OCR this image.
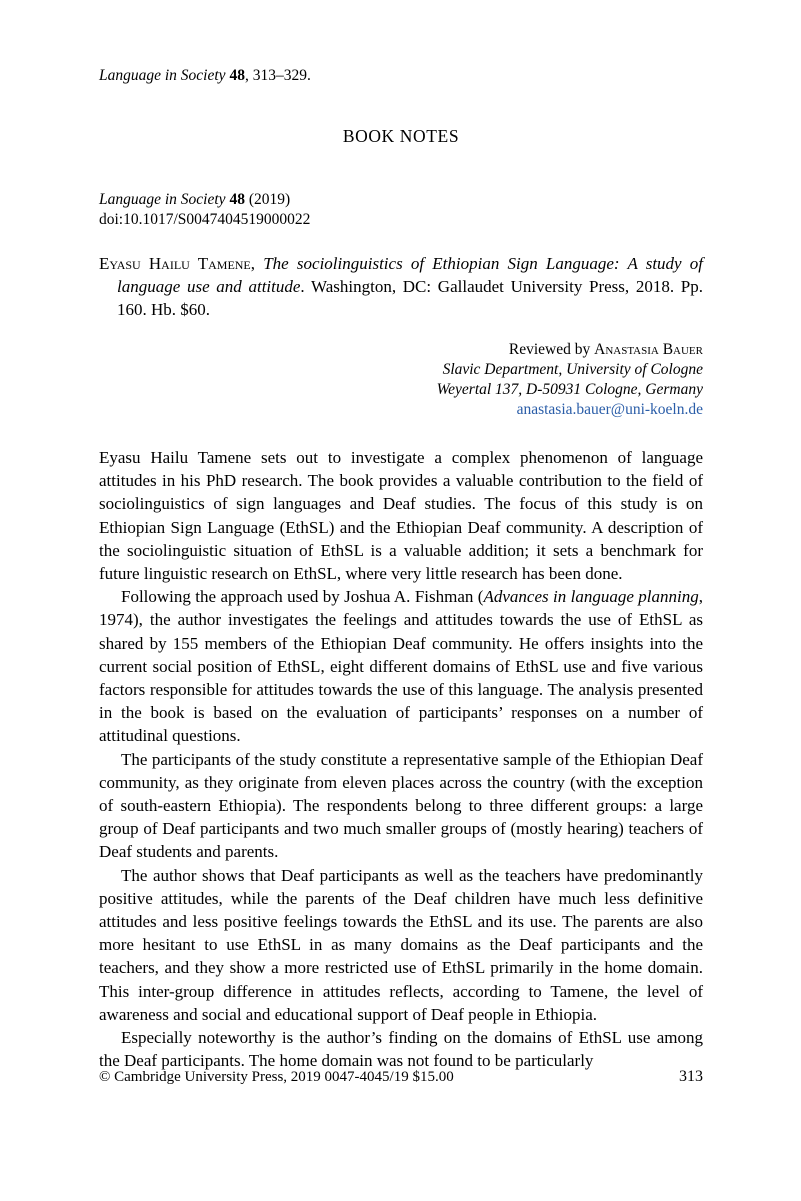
Language in Society 48, 313–329.
BOOK NOTES
Language in Society 48 (2019)
doi:10.1017/S0047404519000022
Eyasu Hailu Tamene, The sociolinguistics of Ethiopian Sign Language: A study of language use and attitude. Washington, DC: Gallaudet University Press, 2018. Pp. 160. Hb. $60.
Reviewed by Anastasia Bauer
Slavic Department, University of Cologne
Weyertal 137, D-50931 Cologne, Germany
anastasia.bauer@uni-koeln.de

Eyasu Hailu Tamene sets out to investigate a complex phenomenon of language attitudes in his PhD research. The book provides a valuable contribution to the field of sociolinguistics of sign languages and Deaf studies. The focus of this study is on Ethiopian Sign Language (EthSL) and the Ethiopian Deaf community. A description of the sociolinguistic situation of EthSL is a valuable addition; it sets a benchmark for future linguistic research on EthSL, where very little research has been done.

Following the approach used by Joshua A. Fishman (Advances in language planning, 1974), the author investigates the feelings and attitudes towards the use of EthSL as shared by 155 members of the Ethiopian Deaf community. He offers insights into the current social position of EthSL, eight different domains of EthSL use and five various factors responsible for attitudes towards the use of this language. The analysis presented in the book is based on the evaluation of participants’ responses on a number of attitudinal questions.

The participants of the study constitute a representative sample of the Ethiopian Deaf community, as they originate from eleven places across the country (with the exception of south-eastern Ethiopia). The respondents belong to three different groups: a large group of Deaf participants and two much smaller groups of (mostly hearing) teachers of Deaf students and parents.

The author shows that Deaf participants as well as the teachers have predominantly positive attitudes, while the parents of the Deaf children have much less definitive attitudes and less positive feelings towards the EthSL and its use. The parents are also more hesitant to use EthSL in as many domains as the Deaf participants and the teachers, and they show a more restricted use of EthSL primarily in the home domain. This inter-group difference in attitudes reflects, according to Tamene, the level of awareness and social and educational support of Deaf people in Ethiopia.

Especially noteworthy is the author’s finding on the domains of EthSL use among the Deaf participants. The home domain was not found to be particularly

© Cambridge University Press, 2019 0047-4045/19 $15.00	313
